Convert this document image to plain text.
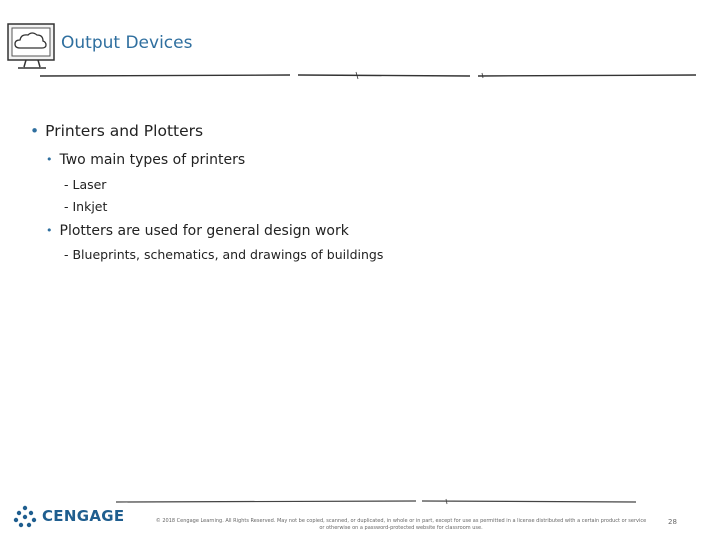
Output Devices
• Printers and Plotters
• Two main types of printers
- Laser
- Inkjet
• Plotters are used for general design work
- Blueprints, schematics, and drawings of buildings
CENGAGE	© 2018 Cengage Learning. All Rights Reserved. May not be copied, scanned, or duplicated, in whole or in part, except for use as permitted in a license distributed with a certain product or service
or otherwise on a password-protected website for classroom use.
28
